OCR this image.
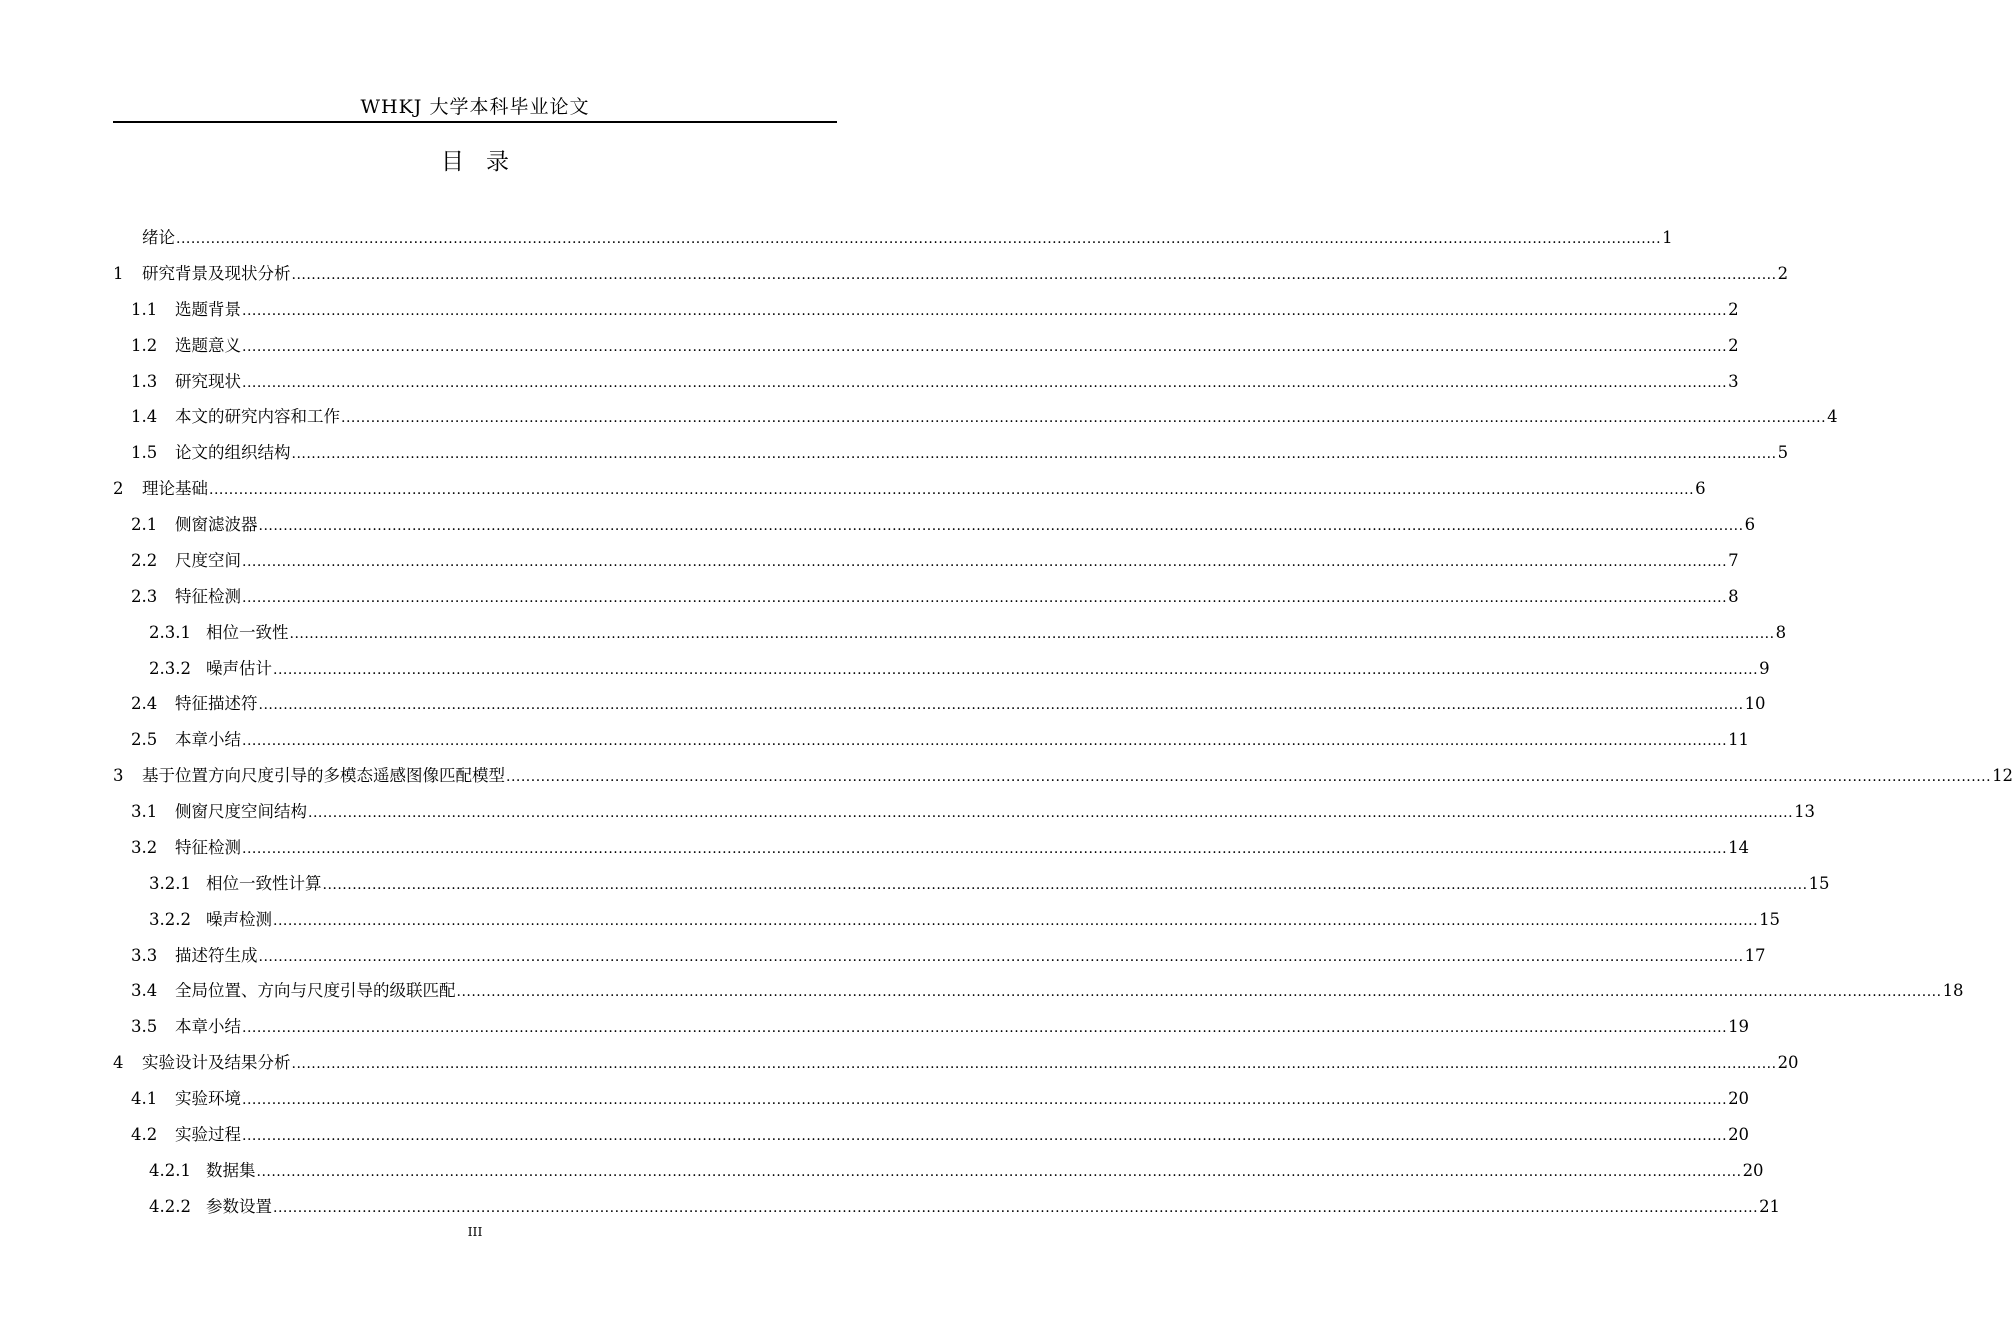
WHKJ 大学本科毕业论文
目录
绪论 ............................................................................................................................................................................................................................................................................................................ 1
1	研究背景及现状分析 ............................................................................................................................................................................................................................................................................................................ 2
1.1	选题背景 ............................................................................................................................................................................................................................................................................................................ 2
1.2	选题意义 ............................................................................................................................................................................................................................................................................................................ 2
1.3	研究现状 ............................................................................................................................................................................................................................................................................................................ 3
1.4	本文的研究内容和工作 ............................................................................................................................................................................................................................................................................................................ 4
1.5	论文的组织结构 ............................................................................................................................................................................................................................................................................................................ 5
2	理论基础 ............................................................................................................................................................................................................................................................................................................ 6
2.1	侧窗滤波器 ............................................................................................................................................................................................................................................................................................................ 6
2.2	尺度空间 ............................................................................................................................................................................................................................................................................................................ 7
2.3	特征检测 ............................................................................................................................................................................................................................................................................................................ 8
2.3.1 相位一致性 ............................................................................................................................................................................................................................................................................................................ 8
2.3.2 噪声估计 ............................................................................................................................................................................................................................................................................................................ 9
2.4	特征描述符 ............................................................................................................................................................................................................................................................................................................ 10
2.5	本章小结 ............................................................................................................................................................................................................................................................................................................ 11
3	基于位置方向尺度引导的多模态遥感图像匹配模型 ............................................................................................................................................................................................................................................................................................................ 12
3.1	侧窗尺度空间结构 ............................................................................................................................................................................................................................................................................................................ 13
3.2	特征检测 ............................................................................................................................................................................................................................................................................................................ 14
3.2.1 相位一致性计算 ............................................................................................................................................................................................................................................................................................................ 15
3.2.2 噪声检测 ............................................................................................................................................................................................................................................................................................................ 15
3.3	描述符生成 ............................................................................................................................................................................................................................................................................................................ 17
3.4	全局位置、方向与尺度引导的级联匹配 ............................................................................................................................................................................................................................................................................................................ 18
3.5	本章小结 ............................................................................................................................................................................................................................................................................................................ 19
4	实验设计及结果分析 ............................................................................................................................................................................................................................................................................................................ 20
4.1	实验环境 ............................................................................................................................................................................................................................................................................................................ 20
4.2	实验过程 ............................................................................................................................................................................................................................................................................................................ 20
4.2.1 数据集 ............................................................................................................................................................................................................................................................................................................ 20
4.2.2 参数设置 ............................................................................................................................................................................................................................................................................................................ 21
III
